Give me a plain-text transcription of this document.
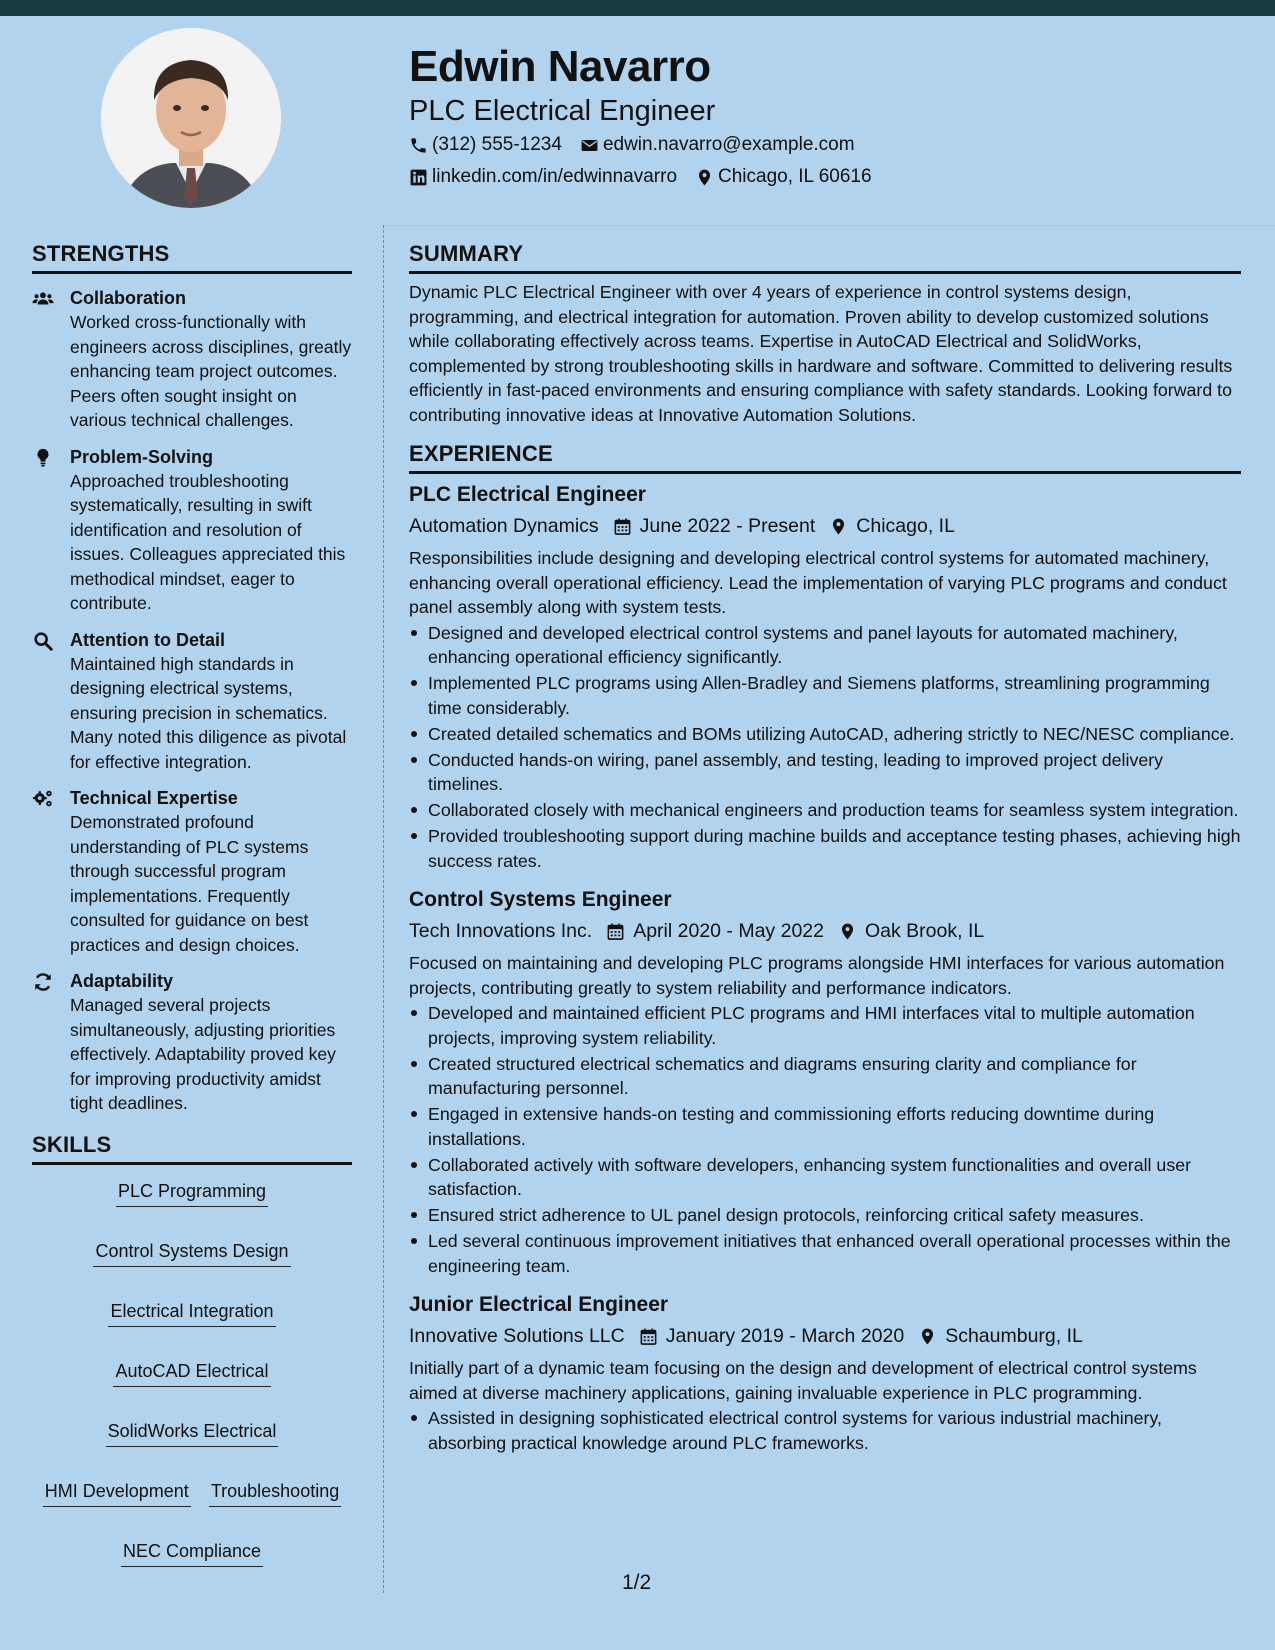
Edwin Navarro
PLC Electrical Engineer
(312) 555-1234 edwin.navarro@example.com
linkedin.com/in/edwinnavarro Chicago, IL 60616
STRENGTHS
Collaboration
Worked cross-functionally with engineers across disciplines, greatly enhancing team project outcomes. Peers often sought insight on various technical challenges.
Problem-Solving
Approached troubleshooting systematically, resulting in swift identification and resolution of issues. Colleagues appreciated this methodical mindset, eager to contribute.
Attention to Detail
Maintained high standards in designing electrical systems, ensuring precision in schematics. Many noted this diligence as pivotal for effective integration.
Technical Expertise
Demonstrated profound understanding of PLC systems through successful program implementations. Frequently consulted for guidance on best practices and design choices.
Adaptability
Managed several projects simultaneously, adjusting priorities effectively. Adaptability proved key for improving productivity amidst tight deadlines.
SKILLS
PLC Programming
Control Systems Design
Electrical Integration
AutoCAD Electrical
SolidWorks Electrical
HMI Development Troubleshooting
NEC Compliance
SUMMARY
Dynamic PLC Electrical Engineer with over 4 years of experience in control systems design, programming, and electrical integration for automation. Proven ability to develop customized solutions while collaborating effectively across teams. Expertise in AutoCAD Electrical and SolidWorks, complemented by strong troubleshooting skills in hardware and software. Committed to delivering results efficiently in fast-paced environments and ensuring compliance with safety standards. Looking forward to contributing innovative ideas at Innovative Automation Solutions.
EXPERIENCE
PLC Electrical Engineer
Automation Dynamics June 2022 - Present Chicago, IL
Responsibilities include designing and developing electrical control systems for automated machinery, enhancing overall operational efficiency. Lead the implementation of varying PLC programs and conduct panel assembly along with system tests.
Designed and developed electrical control systems and panel layouts for automated machinery, enhancing operational efficiency significantly.
Implemented PLC programs using Allen-Bradley and Siemens platforms, streamlining programming time considerably.
Created detailed schematics and BOMs utilizing AutoCAD, adhering strictly to NEC/NESC compliance.
Conducted hands-on wiring, panel assembly, and testing, leading to improved project delivery timelines.
Collaborated closely with mechanical engineers and production teams for seamless system integration.
Provided troubleshooting support during machine builds and acceptance testing phases, achieving high success rates.
Control Systems Engineer
Tech Innovations Inc. April 2020 - May 2022 Oak Brook, IL
Focused on maintaining and developing PLC programs alongside HMI interfaces for various automation projects, contributing greatly to system reliability and performance indicators.
Developed and maintained efficient PLC programs and HMI interfaces vital to multiple automation projects, improving system reliability.
Created structured electrical schematics and diagrams ensuring clarity and compliance for manufacturing personnel.
Engaged in extensive hands-on testing and commissioning efforts reducing downtime during installations.
Collaborated actively with software developers, enhancing system functionalities and overall user satisfaction.
Ensured strict adherence to UL panel design protocols, reinforcing critical safety measures.
Led several continuous improvement initiatives that enhanced overall operational processes within the engineering team.
Junior Electrical Engineer
Innovative Solutions LLC January 2019 - March 2020 Schaumburg, IL
Initially part of a dynamic team focusing on the design and development of electrical control systems aimed at diverse machinery applications, gaining invaluable experience in PLC programming.
Assisted in designing sophisticated electrical control systems for various industrial machinery, absorbing practical knowledge around PLC frameworks.
1/2
